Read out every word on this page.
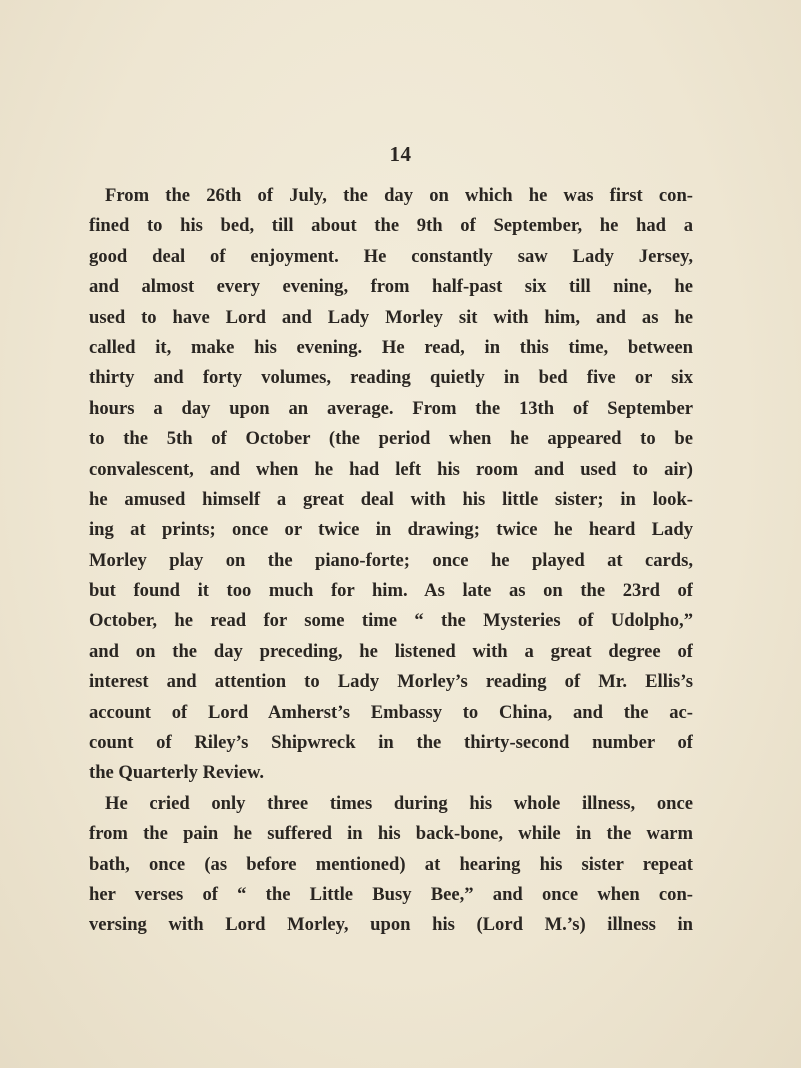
14
From the 26th of July, the day on which he was first con-
fined to his bed, till about the 9th of September, he had a
good deal of enjoyment. He constantly saw Lady Jersey,
and almost every evening, from half-past six till nine, he
used to have Lord and Lady Morley sit with him, and as he
called it, make his evening. He read, in this time, between
thirty and forty volumes, reading quietly in bed five or six
hours a day upon an average. From the 13th of September
to the 5th of October (the period when he appeared to be
convalescent, and when he had left his room and used to air)
he amused himself a great deal with his little sister; in look-
ing at prints; once or twice in drawing; twice he heard Lady
Morley play on the piano-forte; once he played at cards,
but found it too much for him. As late as on the 23rd of
October, he read for some time “ the Mysteries of Udolpho,”
and on the day preceding, he listened with a great degree of
interest and attention to Lady Morley’s reading of Mr. Ellis’s
account of Lord Amherst’s Embassy to China, and the ac-
count of Riley’s Shipwreck in the thirty-second number of
the Quarterly Review.
He cried only three times during his whole illness, once
from the pain he suffered in his back-bone, while in the warm
bath, once (as before mentioned) at hearing his sister repeat
her verses of “ the Little Busy Bee,” and once when con-
versing with Lord Morley, upon his (Lord M.’s) illness in
